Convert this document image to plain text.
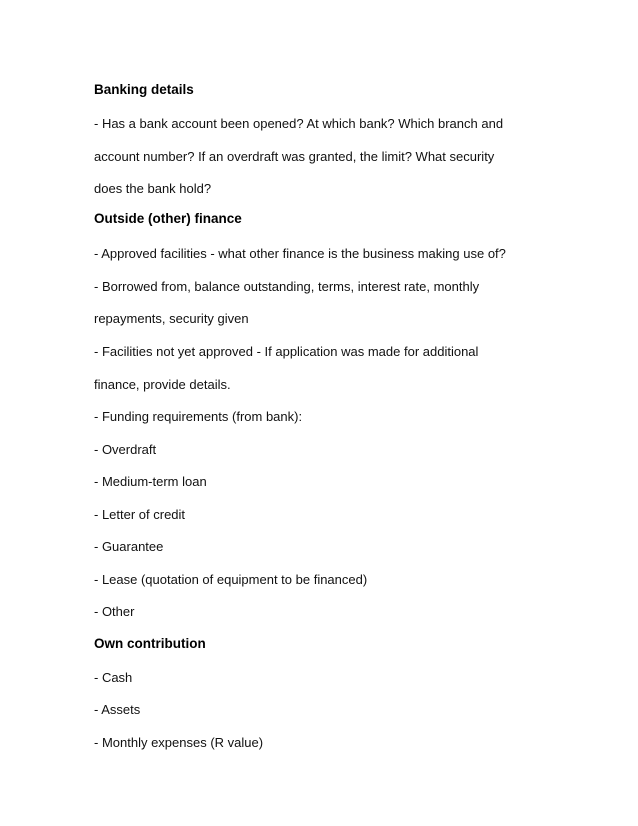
Banking details
- Has a bank account been opened? At which bank? Which branch and
account number? If an overdraft was granted, the limit? What security
does the bank hold?
Outside (other) finance
- Approved facilities - what other finance is the business making use of?
- Borrowed from, balance outstanding, terms, interest rate, monthly
repayments, security given
- Facilities not yet approved - If application was made for additional
finance, provide details.
- Funding requirements (from bank):
- Overdraft
- Medium-term loan
- Letter of credit
- Guarantee
- Lease (quotation of equipment to be financed)
- Other
Own contribution
- Cash
- Assets
- Monthly expenses (R value)
